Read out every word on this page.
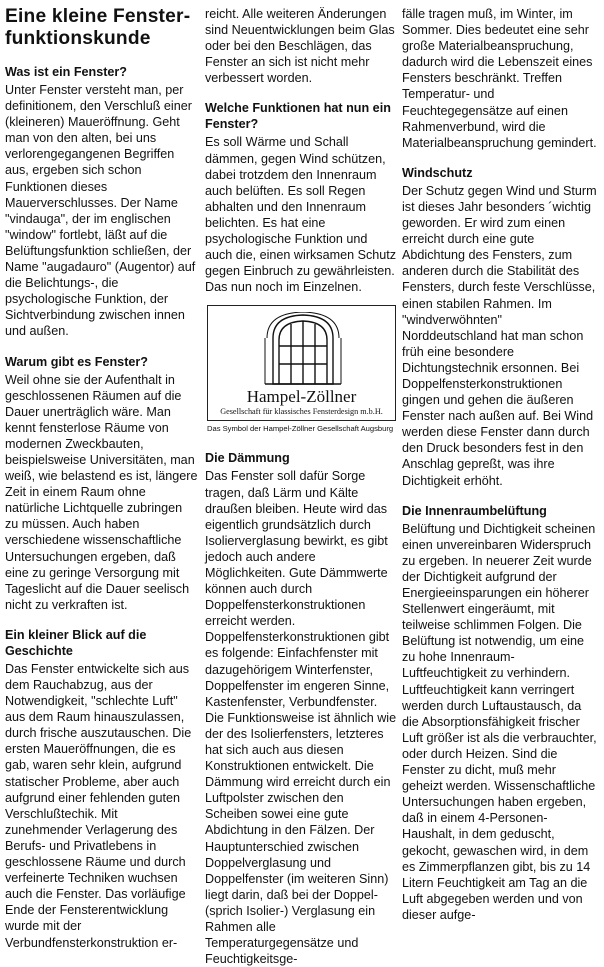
Eine kleine Fenster-
funktionskunde
Was ist ein Fenster?

Unter Fenster versteht man, per definitionem, den Verschluß einer (kleineren) Maueröffnung. Geht man von den alten, bei uns verlorengegangenen Begriffen aus, ergeben sich schon Funktionen dieses Mauerverschlusses. Der Name "vindauga", der im englischen "window" fortlebt, läßt auf die Belüftungsfunktion schließen, der Name "augadauro" (Augentor) auf die Belichtungs-, die psychologische Funktion, der Sichtverbindung zwischen innen und außen.

Warum gibt es Fenster?

Weil ohne sie der Aufenthalt in geschlossenen Räumen auf die Dauer unerträglich wäre. Man kennt fensterlose Räume von modernen Zweckbauten, beispielsweise Universitäten, man weiß, wie belastend es ist, längere Zeit in einem Raum ohne natürliche Lichtquelle zubringen zu müssen. Auch haben verschiedene wissenschaftliche Untersuchungen ergeben, daß eine zu geringe Versorgung mit Tageslicht auf die Dauer seelisch nicht zu verkraften ist.

Ein kleiner Blick auf die Geschichte

Das Fenster entwickelte sich aus dem Rauchabzug, aus der Notwendigkeit, "schlechte Luft" aus dem Raum hinauszulassen, durch frische auszutauschen. Die ersten Maueröffnungen, die es gab, waren sehr klein, aufgrund statischer Probleme, aber auch aufgrund einer fehlenden guten Verschlußtechik. Mit zunehmender Verlagerung des Berufs- und Privatlebens in geschlossene Räume und durch verfeinerte Techniken wuchsen auch die Fenster. Das vorläufige Ende der Fensterentwicklung wurde mit der Verbundfensterkonstruktion er-

reicht. Alle weiteren Änderungen sind Neuentwicklungen beim Glas oder bei den Beschlägen, das Fenster an sich ist nicht mehr verbessert worden.

Welche Funktionen hat nun ein Fenster?

Es soll Wärme und Schall dämmen, gegen Wind schützen, dabei trotzdem den Innenraum auch belüften. Es soll Regen abhalten und den Innenraum belichten. Es hat eine psychologische Funktion und auch die, einen wirksamen Schutz gegen Einbruch zu gewährleisten. Das nun noch im Einzelnen.

Hampel-Zöllner
Gesellschaft für klassisches Fensterdesign m.b.H.
Das Symbol der Hampel-Zöllner Gesellschaft Augsburg
Die Dämmung

Das Fenster soll dafür Sorge tragen, daß Lärm und Kälte draußen bleiben. Heute wird das eigentlich grundsätzlich durch Isolierverglasung bewirkt, es gibt jedoch auch andere Möglichkeiten. Gute Dämmwerte können auch durch Doppelfensterkonstruktionen erreicht werden. Doppelfensterkonstruktionen gibt es folgende: Einfachfenster mit dazugehörigem Winterfenster, Doppelfenster im engeren Sinne, Kastenfenster, Verbundfenster. Die Funktionsweise ist ähnlich wie der des Isolierfensters, letzteres hat sich auch aus diesen Konstruktionen entwickelt. Die Dämmung wird erreicht durch ein Luftpolster zwischen den Scheiben sowei eine gute Abdichtung in den Fälzen. Der Hauptunterschied zwischen Doppelverglasung und Doppelfenster (im weiteren Sinn) liegt darin, daß bei der Doppel- (sprich Isolier-) Verglasung ein Rahmen alle Temperaturgegensätze und Feuchtigkeitsge-

fälle tragen muß, im Winter, im Sommer. Dies bedeutet eine sehr große Materialbeanspruchung, dadurch wird die Lebenszeit eines Fensters beschränkt. Treffen Temperatur- und Feuchtegegensätze auf einen Rahmenverbund, wird die Materialbeanspruchung gemindert.

Windschutz

Der Schutz gegen Wind und Sturm ist dieses Jahr besonders ´wichtig geworden. Er wird zum einen erreicht durch eine gute Abdichtung des Fensters, zum anderen durch die Stabilität des Fensters, durch feste Verschlüsse, einen stabilen Rahmen. Im "windverwöhnten" Norddeutschland hat man schon früh eine besondere Dichtungstechnik ersonnen. Bei Doppelfensterkonstruktionen gingen und gehen die äußeren Fenster nach außen auf. Bei Wind werden diese Fenster dann durch den Druck besonders fest in den Anschlag gepreßt, was ihre Dichtigkeit erhöht.

Die Innenraumbelüftung

Belüftung und Dichtigkeit scheinen einen unvereinbaren Widerspruch zu ergeben. In neuerer Zeit wurde der Dichtigkeit aufgrund der Energieeinsparungen ein höherer Stellenwert eingeräumt, mit teilweise schlimmen Folgen. Die Belüftung ist notwendig, um eine zu hohe Innenraum-Luftfeuchtigkeit zu verhindern. Luftfeuchtigkeit kann verringert werden durch Luftaustausch, da die Absorptionsfähigkeit frischer Luft größer ist als die verbrauchter, oder durch Heizen. Sind die Fenster zu dicht, muß mehr geheizt werden. Wissenschaftliche Untersuchungen haben ergeben, daß in einem 4-Personen-Haushalt, in dem geduscht, gekocht, gewaschen wird, in dem es Zimmerpflanzen gibt, bis zu 14 Litern Feuchtigkeit am Tag an die Luft abgegeben werden und von dieser aufge-
